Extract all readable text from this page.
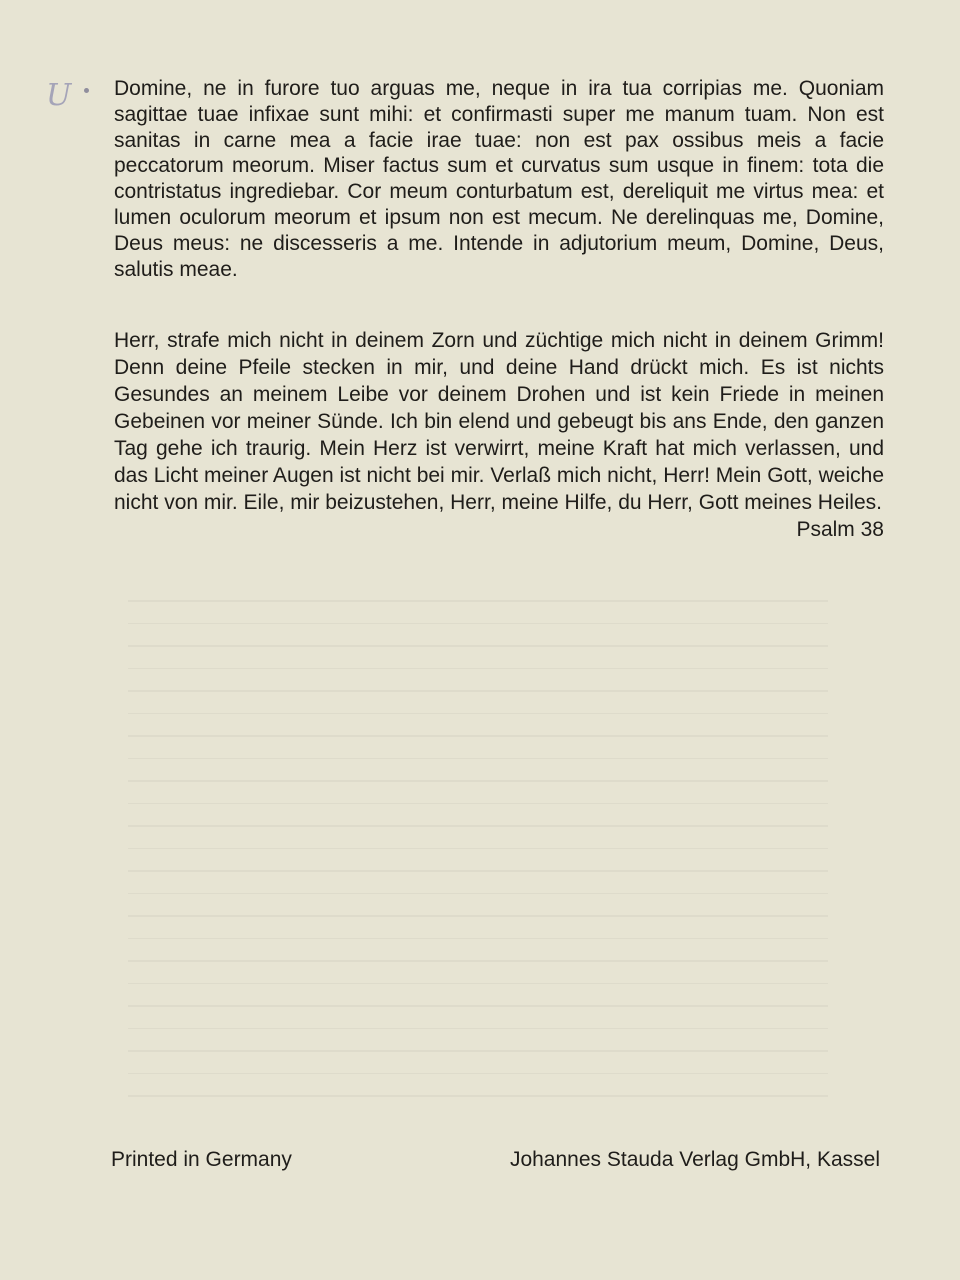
U Domine, ne in furore tuo arguas me, neque in ira tua corripias me. Quoniam sagittae tuae infixae sunt mihi: et confirmasti super me manum tuam. Non est sanitas in carne mea a facie irae tuae: non est pax ossibus meis a facie peccatorum meorum. Miser factus sum et curvatus sum usque in finem: tota die contristatus ingrediebar. Cor meum conturbatum est, dereliquit me virtus mea: et lumen oculorum meorum et ipsum non est mecum. Ne derelinquas me, Domine, Deus meus: ne discesseris a me. Intende in adjutorium meum, Domine, Deus, salutis meae.

Herr, strafe mich nicht in deinem Zorn und züchtige mich nicht in deinem Grimm! Denn deine Pfeile stecken in mir, und deine Hand drückt mich. Es ist nichts Gesundes an meinem Leibe vor deinem Drohen und ist kein Friede in meinen Gebeinen vor meiner Sünde. Ich bin elend und gebeugt bis ans Ende, den ganzen Tag gehe ich traurig. Mein Herz ist verwirrt, meine Kraft hat mich verlassen, und das Licht meiner Augen ist nicht bei mir. Verlaß mich nicht, Herr! Mein Gott, weiche nicht von mir. Eile, mir beizustehen, Herr, meine Hilfe, du Herr, Gott meines Heiles.
Psalm 38

Printed in Germany	Johannes Stauda Verlag GmbH, Kassel
